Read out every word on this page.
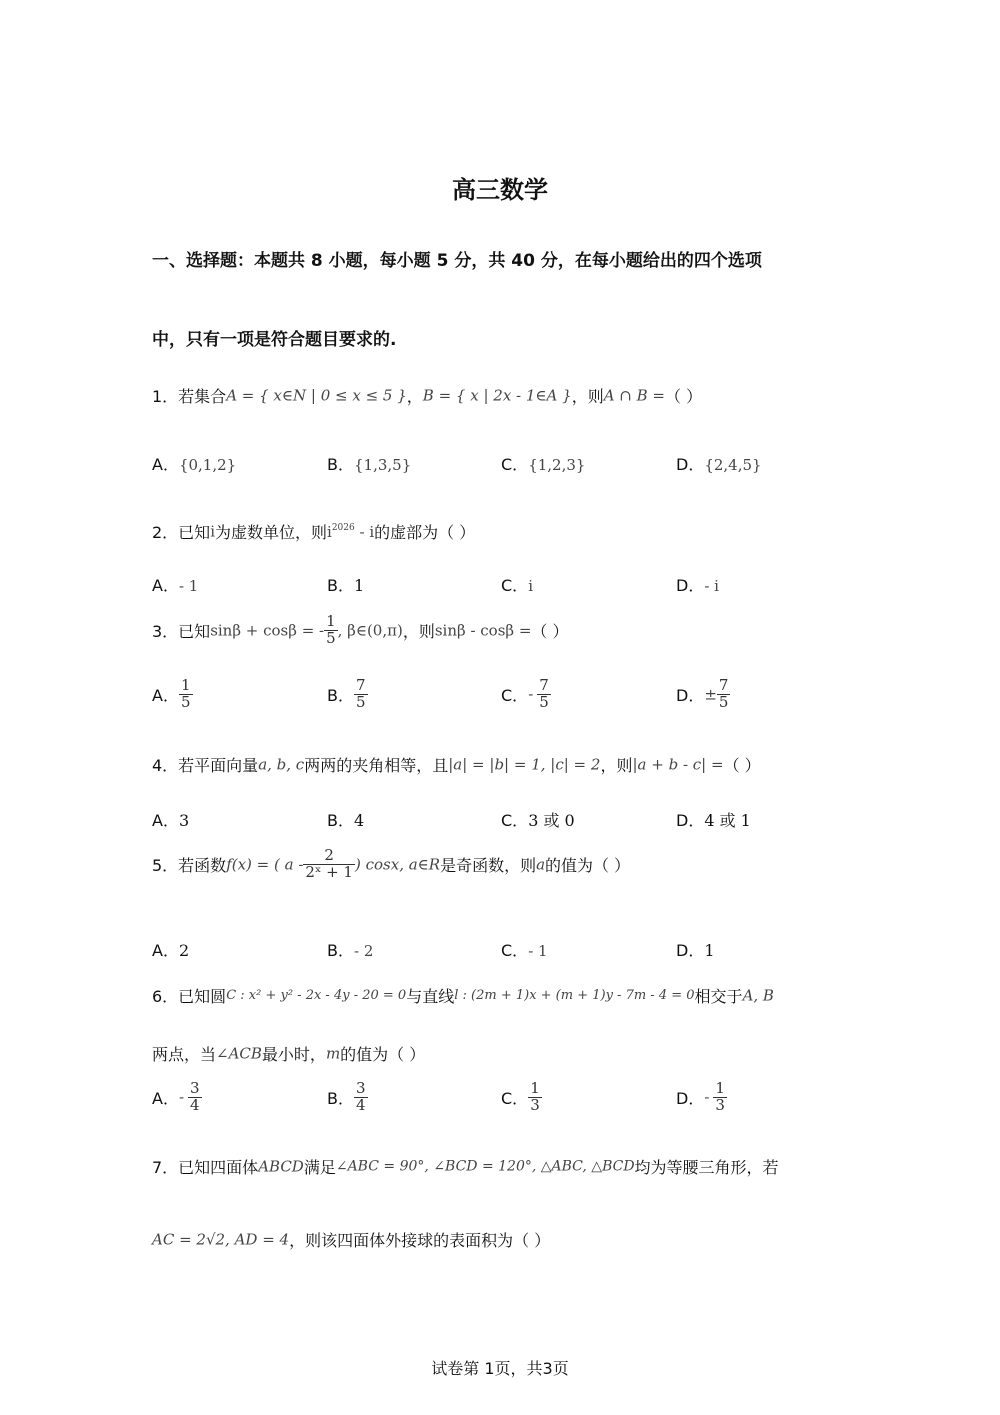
高三数学
一、选择题：本题共 8 小题，每小题 5 分，共 40 分，在每小题给出的四个选项
中，只有一项是符合题目要求的.
1．若集合A = { x∈N | 0 ≤ x ≤ 5 }，B = { x | 2x - 1∈A }，则A ∩ B =（ ）
A．{0,1,2}	B．{1,3,5}	C．{1,2,3}	D．{2,4,5}
2．已知i为虚数单位，则$i^{2026}$ - i的虚部为（ ）
A．- 1	B．1	C．i	D．- i
3．已知sinβ + cosβ = - $\frac{1}{5}$ , β∈(0,π)，则sinβ - cosβ =（ ）
A． $\frac{1}{5}$	B． $\frac{7}{5}$	C．- $\frac{7}{5}$	D．± $\frac{7}{5}$
4．若平面向量a, b, c两两的夹角相等，且|a| = |b| = 1, |c| = 2，则|a + b - c| =（ ）
A．3	B．4	C．3 或 0	D．4 或 1
5．若函数f(x) = ( a - $\frac{2}{\text{2ˣ + 1}}$ ) cosx, a∈R是奇函数，则a的值为（ ）
A．2	B．- 2	C．- 1	D．1
6．已知圆C : x² + y² - 2x - 4y - 20 = 0与直线l : (2m + 1)x + (m + 1)y - 7m - 4 = 0相交于A, B
两点，当∠ACB最小时，m的值为（ ）
A．- $\frac{3}{4}$	B． $\frac{3}{4}$	C． $\frac{1}{3}$	D．- $\frac{1}{3}$
7．已知四面体ABCD满足∠ABC = 90°, ∠BCD = 120°, △ABC, △BCD均为等腰三角形，若
AC = 2√2, AD = 4，则该四面体外接球的表面积为（ ）
试卷第 1页，共3页
